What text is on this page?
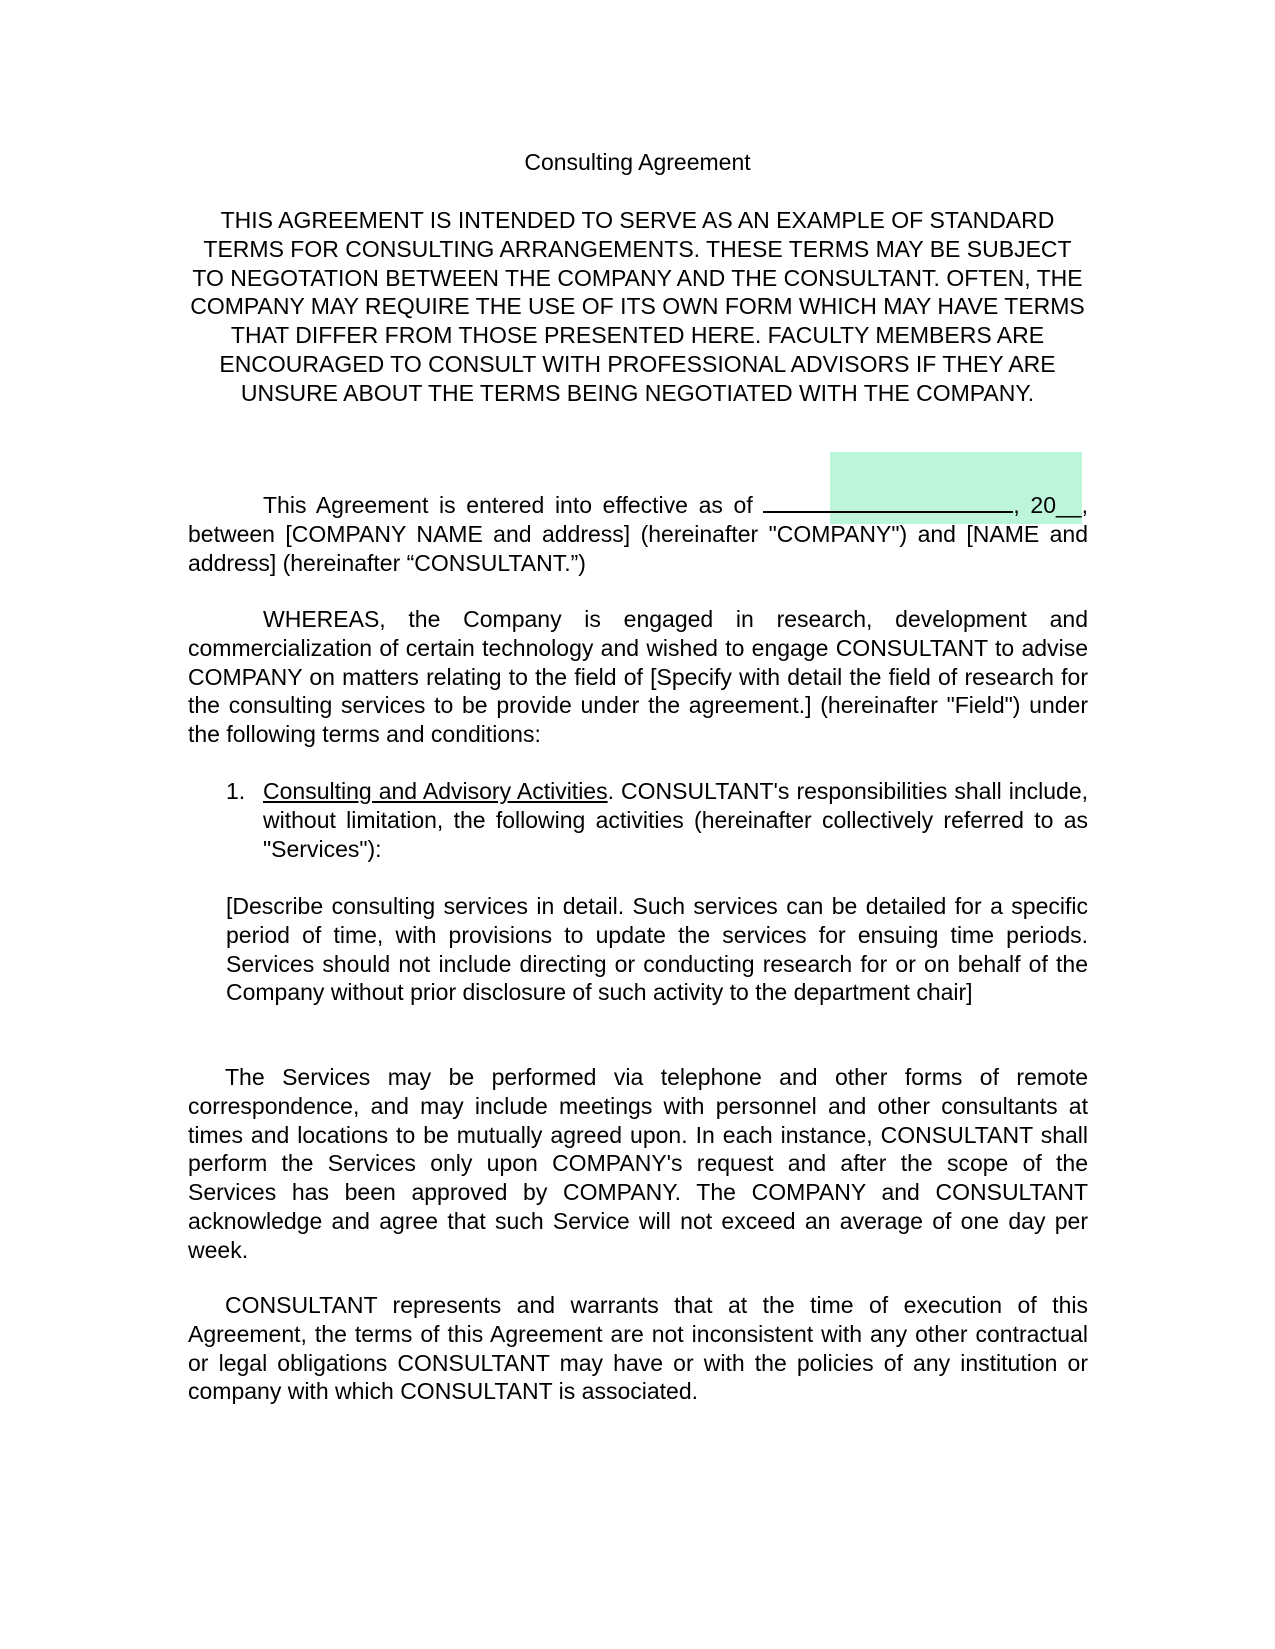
Consulting Agreement

THIS AGREEMENT IS INTENDED TO SERVE AS AN EXAMPLE OF STANDARD TERMS FOR CONSULTING ARRANGEMENTS. THESE TERMS MAY BE SUBJECT TO NEGOTATION BETWEEN THE COMPANY AND THE CONSULTANT. OFTEN, THE COMPANY MAY REQUIRE THE USE OF ITS OWN FORM WHICH MAY HAVE TERMS THAT DIFFER FROM THOSE PRESENTED HERE. FACULTY MEMBERS ARE ENCOURAGED TO CONSULT WITH PROFESSIONAL ADVISORS IF THEY ARE UNSURE ABOUT THE TERMS BEING NEGOTIATED WITH THE COMPANY.

This Agreement is entered into effective as of	, 20__, between [COMPANY NAME and address] (hereinafter "COMPANY") and [NAME and address] (hereinafter “CONSULTANT.”)

WHEREAS, the Company is engaged in research, development and commercialization of certain technology and wished to engage CONSULTANT to advise COMPANY on matters relating to the field of [Specify with detail the field of research for the consulting services to be provide under the agreement.] (hereinafter "Field") under the following terms and conditions:

1. Consulting and Advisory Activities. CONSULTANT's responsibilities shall include, without limitation, the following activities (hereinafter collectively referred to as "Services"):

[Describe consulting services in detail. Such services can be detailed for a specific period of time, with provisions to update the services for ensuing time periods. Services should not include directing or conducting research for or on behalf of the Company without prior disclosure of such activity to the department chair]

The Services may be performed via telephone and other forms of remote correspondence, and may include meetings with personnel and other consultants at times and locations to be mutually agreed upon. In each instance, CONSULTANT shall perform the Services only upon COMPANY's request and after the scope of the Services has been approved by COMPANY. The COMPANY and CONSULTANT acknowledge and agree that such Service will not exceed an average of one day per week.

CONSULTANT represents and warrants that at the time of execution of this Agreement, the terms of this Agreement are not inconsistent with any other contractual or legal obligations CONSULTANT may have or with the policies of any institution or company with which CONSULTANT is associated.
